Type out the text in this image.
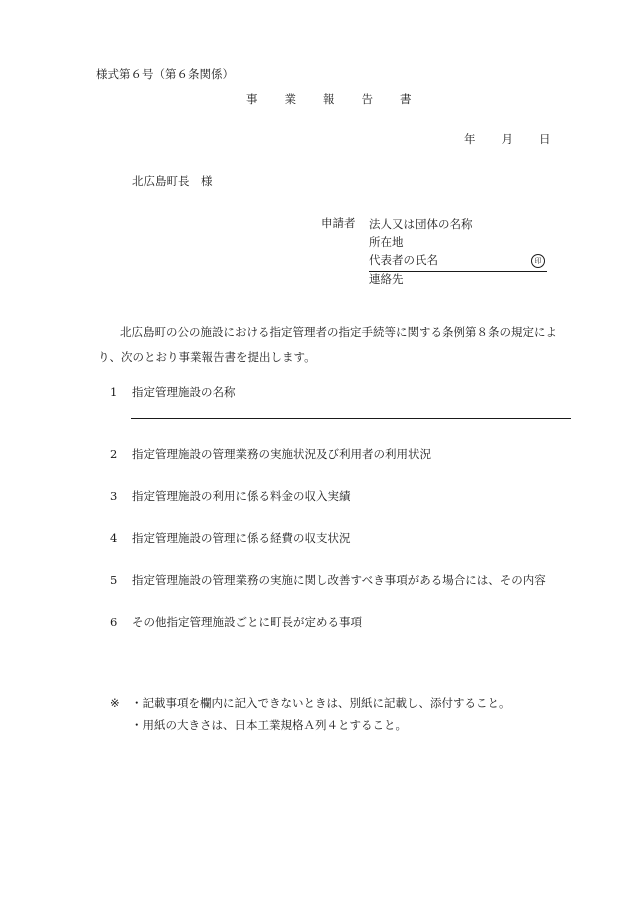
様式第６号（第６条関係）
事業報告書
年 月 日
北広島町長　様
申請者 法人又は団体の名称
所在地
代表者の氏名	印
連絡先
北広島町の公の施設における指定管理者の指定手続等に関する条例第８条の規定により、次のとおり事業報告書を提出します。
1 指定管理施設の名称
2 指定管理施設の管理業務の実施状況及び利用者の利用状況
3 指定管理施設の利用に係る料金の収入実績
4 指定管理施設の管理に係る経費の収支状況
5 指定管理施設の管理業務の実施に関し改善すべき事項がある場合には、その内容
6 その他指定管理施設ごとに町長が定める事項
※ ・記載事項を欄内に記入できないときは、別紙に記載し、添付すること。
・用紙の大きさは、日本工業規格Ａ列４とすること。
